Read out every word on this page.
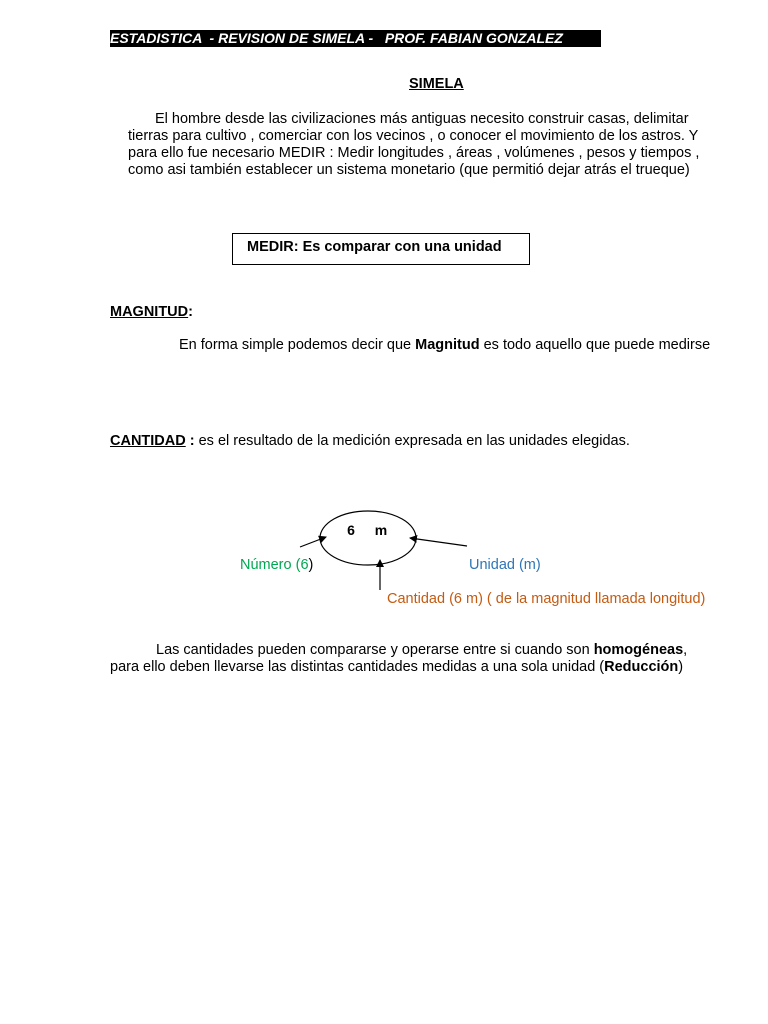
ESTADISTICA  - REVISION DE SIMELA -   PROF. FABIAN GONZALEZ
SIMELA
El hombre desde las civilizaciones más antiguas necesito construir casas, delimitar tierras para cultivo , comerciar con los vecinos , o conocer el movimiento de los astros. Y para ello fue necesario MEDIR : Medir longitudes , áreas , volúmenes , pesos y tiempos , como asi también establecer un sistema monetario (que permitió dejar atrás el trueque)
MEDIR: Es comparar con una unidad
MAGNITUD:
En forma simple podemos decir que Magnitud es todo aquello que puede medirse
CANTIDAD : es el resultado de la medición expresada en las unidades elegidas.
6 m
Número (6)	Unidad (m)
Cantidad (6 m) ( de la magnitud llamada longitud)
Las cantidades pueden compararse y operarse entre si cuando son homogéneas, para ello deben llevarse las distintas cantidades medidas a una sola unidad (Reducción)
